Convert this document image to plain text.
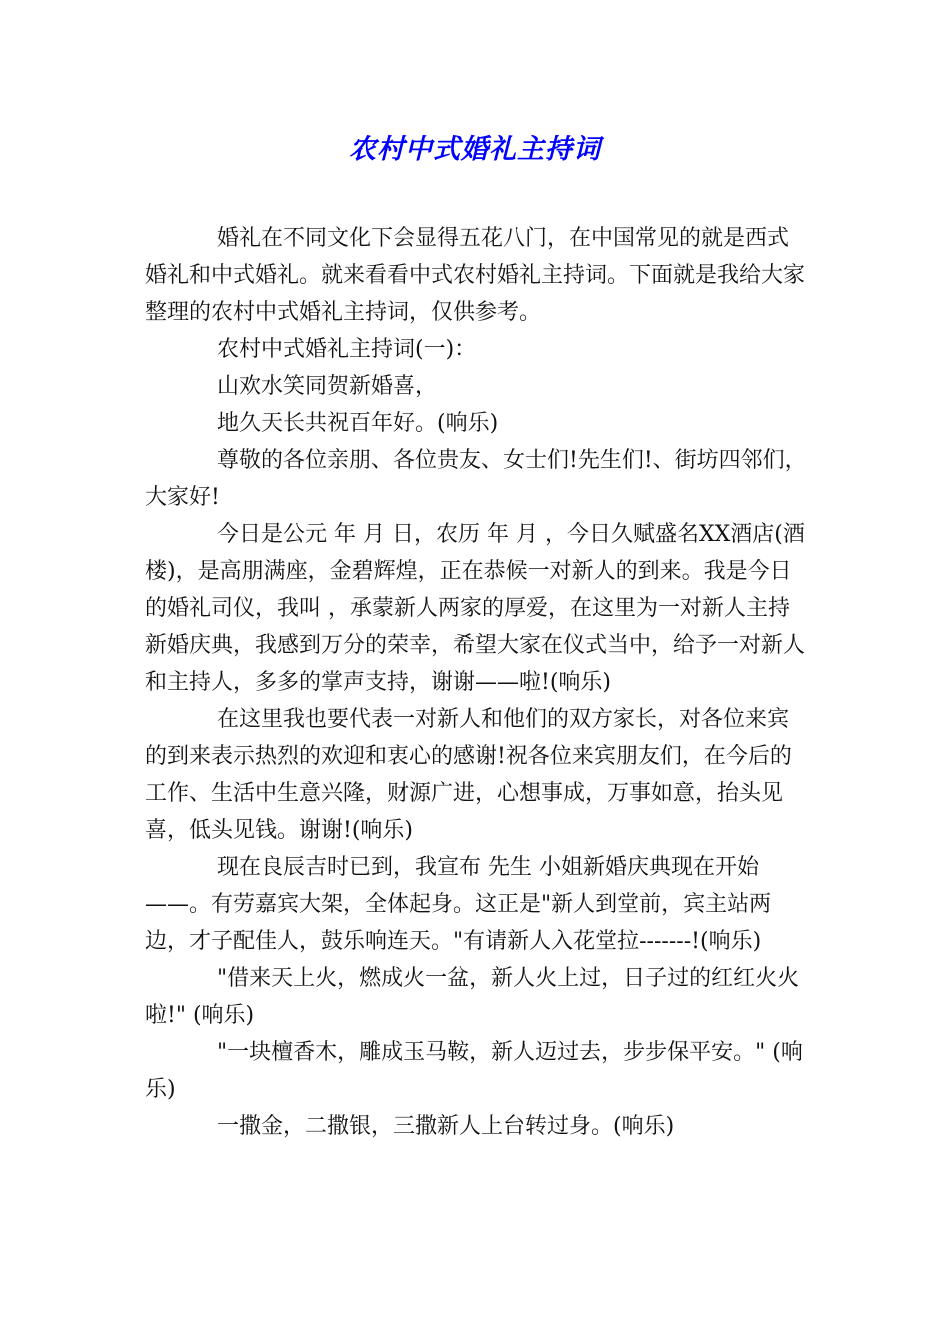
农村中式婚礼主持词

婚礼在不同文化下会显得五花八门，在中国常见的就是西式婚礼和中式婚礼。就来看看中式农村婚礼主持词。下面就是我给大家整理的农村中式婚礼主持词，仅供参考。

农村中式婚礼主持词(一)：

山欢水笑同贺新婚喜，

地久天长共祝百年好。(响乐)

尊敬的各位亲朋、各位贵友、女士们!先生们!、街坊四邻们，大家好!

今日是公元 年 月 日，农历 年 月 ，今日久赋盛名XX酒店(酒楼)，是高朋满座，金碧辉煌，正在恭候一对新人的到来。我是今日的婚礼司仪，我叫 ，承蒙新人两家的厚爱，在这里为一对新人主持新婚庆典，我感到万分的荣幸，希望大家在仪式当中，给予一对新人和主持人，多多的掌声支持，谢谢——啦!(响乐)

在这里我也要代表一对新人和他们的双方家长，对各位来宾的到来表示热烈的欢迎和衷心的感谢!祝各位来宾朋友们，在今后的工作、生活中生意兴隆，财源广进，心想事成，万事如意，抬头见喜，低头见钱。谢谢!(响乐)

现在良辰吉时已到，我宣布 先生 小姐新婚庆典现在开始——。有劳嘉宾大架，全体起身。这正是"新人到堂前，宾主站两边，才子配佳人，鼓乐响连天。"有请新人入花堂拉-------!(响乐)

"借来天上火，燃成火一盆，新人火上过，日子过的红红火火啦!" (响乐)

"一块檀香木，雕成玉马鞍，新人迈过去，步步保平安。" (响乐)

一撒金，二撒银，三撒新人上台转过身。(响乐)
